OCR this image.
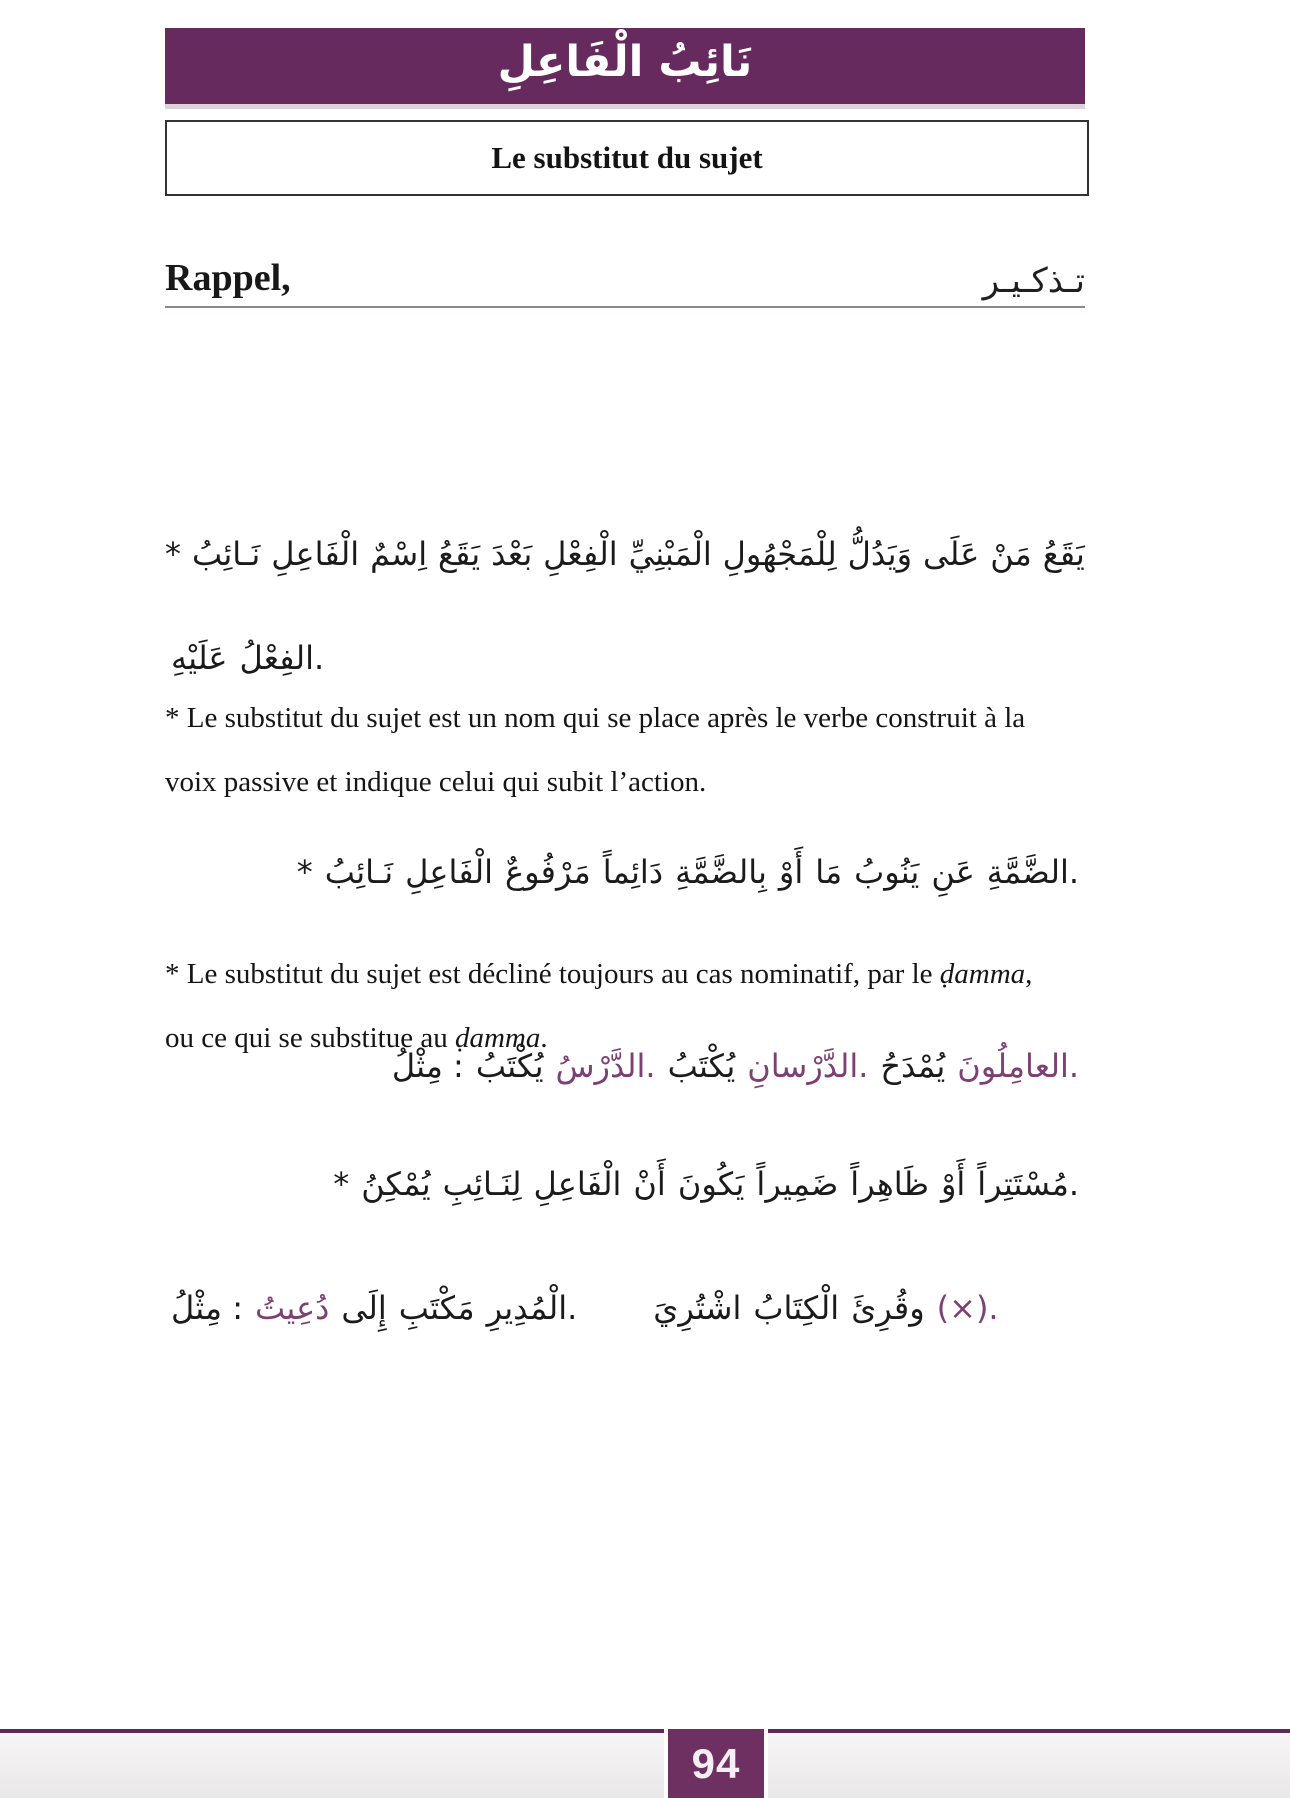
نَائِبُ الْفَاعِلِ
Le substitut du sujet
Rappel,	تـذكـيـر
* نَـائِبُ الْفَاعِلِ اِسْمٌ يَقَعُ بَعْدَ الْفِعْلِ الْمَبْنِيِّ لِلْمَجْهُولِ وَيَدُلُّ عَلَى مَنْ يَقَعُ
عَلَيْهِ الفِعْلُ.
* Le substitut du sujet est un nom qui se place après le verbe construit à la
voix passive et indique celui qui subit l’action.
* نَـائِبُ الْفَاعِلِ مَرْفُوعٌ دَائِماً بِالضَّمَّةِ أَوْ مَا يَنُوبُ عَنِ الضَّمَّةِ.
* Le substitut du sujet est décliné toujours au cas nominatif, par le ḍamma,
ou ce qui se substitue au ḍamma.
مِثْلُ : يُكْتَبُ الدَّرْسُ. يُكْتَبُ الدَّرْسانِ. يُمْدَحُ العامِلُونَ.
* يُمْكِنُ لِنَـائِبِ الْفَاعِلِ أَنْ يَكُونَ ضَمِيراً ظَاهِراً أَوْ مُسْتَتِراً.
مِثْلُ : دُعِيتُ إِلَى مَكْتَبِ الْمُدِيرِ. اشْتُرِيَ الْكِتَابُ وقُرِئَ (×).
94
